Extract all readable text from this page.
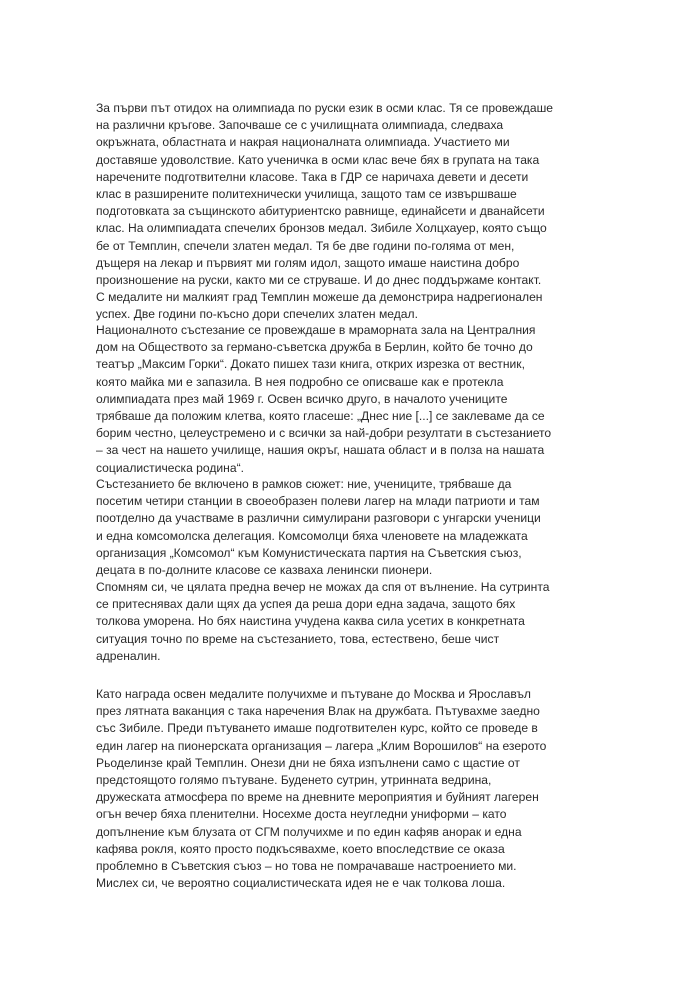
За първи път отидох на олимпиада по руски език в осми клас. Тя се провеждаше
на различни кръгове. Започваше се с училищната олимпиада, следваха
окръжната, областната и накрая националната олимпиада. Участието ми
доставяше удоволствие. Като ученичка в осми клас вече бях в групата на така
наречените подготвителни класове. Така в ГДР се наричаха девети и десети
клас в разширените политехнически училища, защото там се извършваше
подготовката за същинското абитуриентско равнище, единайсети и дванайсети
клас. На олимпиадата спечелих бронзов медал. Зибиле Холцхауер, която също
бе от Темплин, спечели златен медал. Тя бе две години по-голяма от мен,
дъщеря на лекар и първият ми голям идол, защото имаше наистина добро
произношение на руски, както ми се струваше. И до днес поддържаме контакт.
С медалите ни малкият град Темплин можеше да демонстрира надрегионален
успех. Две години по-късно дори спечелих златен медал.

Националното състезание се провеждаше в мраморната зала на Централния
дом на Обществото за германо-съветска дружба в Берлин, който бе точно до
театър „Максим Горки“. Докато пишех тази книга, открих изрезка от вестник,
която майка ми е запазила. В нея подробно се описваше как е протекла
олимпиадата през май 1969 г. Освен всичко друго, в началото учениците
трябваше да положим клетва, която гласеше: „Днес ние [...] се заклеваме да се
борим честно, целеустремено и с всички за най-добри резултати в състезанието
– за чест на нашето училище, нашия окръг, нашата област и в полза на нашата
социалистическа родина“.

Състезанието бе включено в рамков сюжет: ние, учениците, трябваше да
посетим четири станции в своеобразен полеви лагер на млади патриоти и там
поотделно да участваме в различни симулирани разговори с унгарски ученици
и една комсомолска делегация. Комсомолци бяха членовете на младежката
организация „Комсомол“ към Комунистическата партия на Съветския съюз,
децата в по-долните класове се казваха ленински пионери.

Спомням си, че цялата предна вечер не можах да спя от вълнение. На сутринта
се притеснявах дали щях да успея да реша дори една задача, защото бях
толкова уморена. Но бях наистина учудена каква сила усетих в конкретната
ситуация точно по време на състезанието, това, естествено, беше чист
адреналин.

Като награда освен медалите получихме и пътуване до Москва и Ярославъл
през лятната ваканция с така наречения Влак на дружбата. Пътувахме заедно
със Зибиле. Преди пътуването имаше подготвителен курс, който се проведе в
един лагер на пионерската организация – лагера „Клим Ворошилов“ на езерото
Рьоделинзе край Темплин. Онези дни не бяха изпълнени само с щастие от
предстоящото голямо пътуване. Буденето сутрин, утринната ведрина,
дружеската атмосфера по време на дневните мероприятия и буйният лагерен
огън вечер бяха пленителни. Носехме доста неугледни униформи – като
допълнение към блузата от СГМ получихме и по един кафяв анорак и една
кафява рокля, която просто подкъсявахме, което впоследствие се оказа
проблемно в Съветския съюз – но това не помрачаваше настроението ми.
Мислех си, че вероятно социалистическата идея не е чак толкова лоша.
